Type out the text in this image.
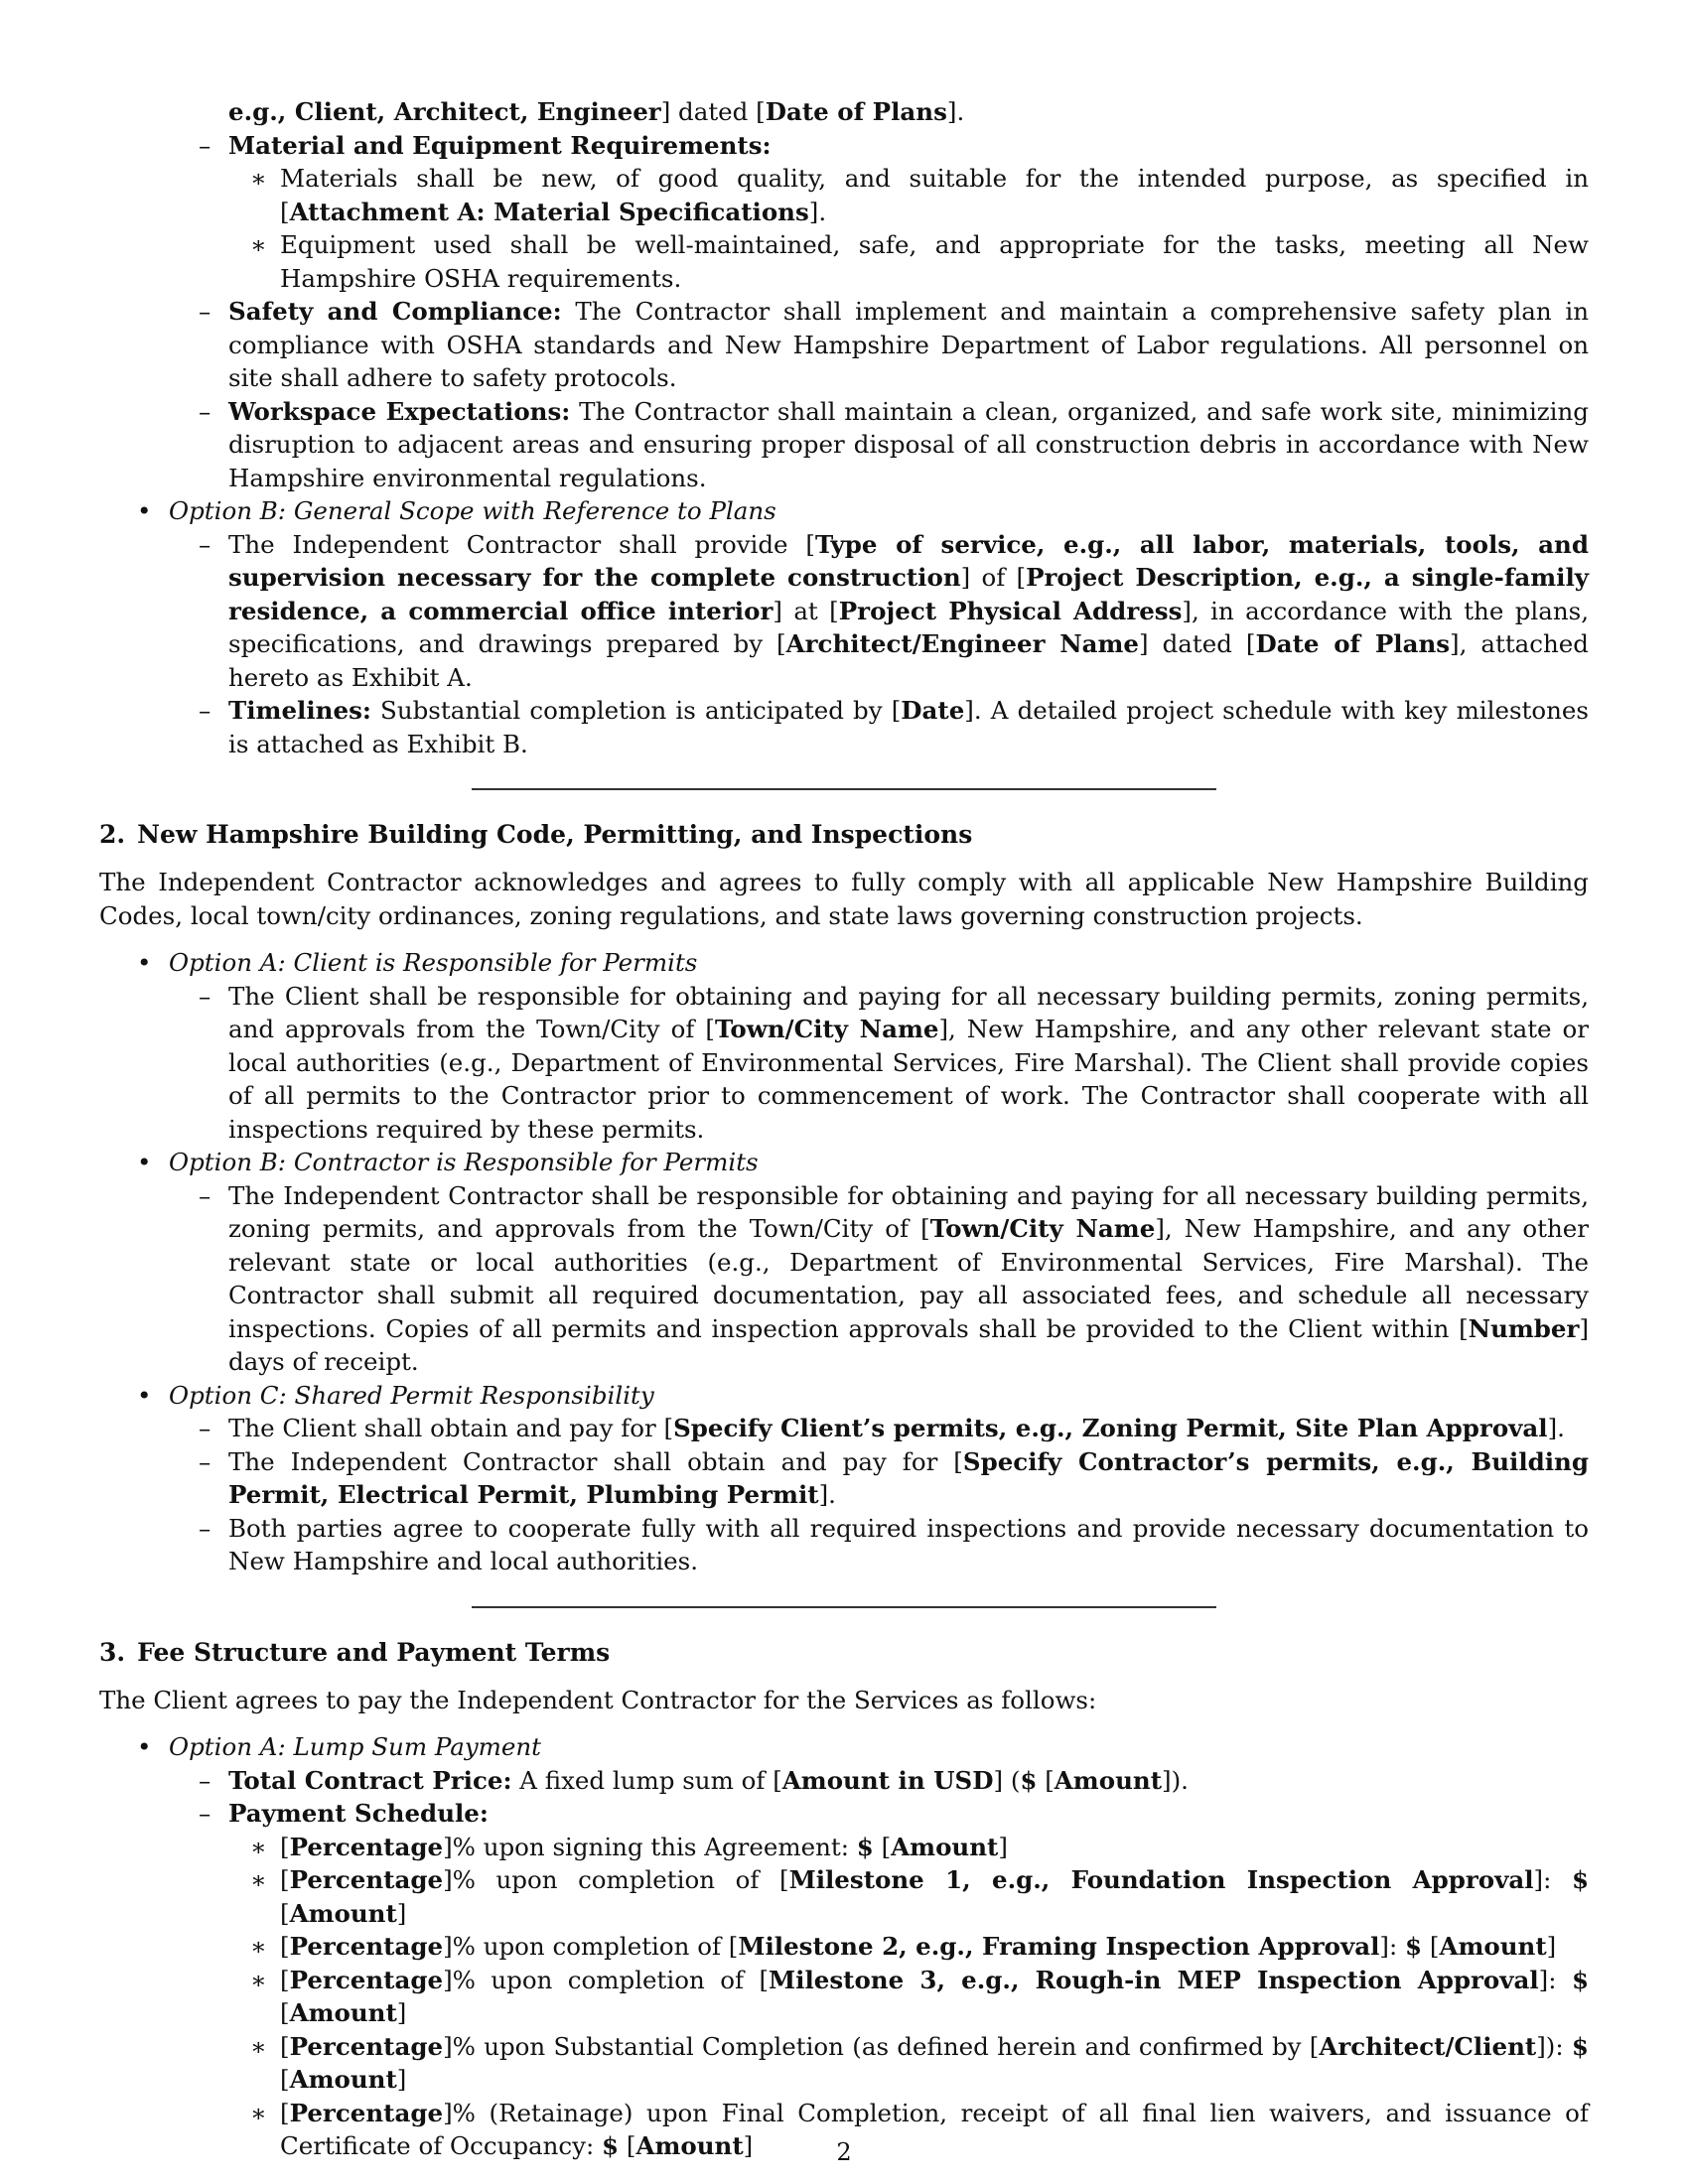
e.g., Client, Architect, Engineer] dated [Date of Plans].

– Material and Equipment Requirements:
∗ Materials shall be new, of good quality, and suitable for the intended purpose, as specified in [Attachment A: Material Specifications].
∗ Equipment used shall be well-maintained, safe, and appropriate for the tasks, meeting all New Hampshire OSHA requirements.
– Safety and Compliance: The Contractor shall implement and maintain a comprehensive safety plan in compliance with OSHA standards and New Hampshire Department of Labor regulations. All personnel on site shall adhere to safety protocols.
– Workspace Expectations: The Contractor shall maintain a clean, organized, and safe work site, minimizing disruption to adjacent areas and ensuring proper disposal of all construction debris in accordance with New Hampshire environmental regulations.
• Option B: General Scope with Reference to Plans
– The Independent Contractor shall provide [Type of service, e.g., all labor, materials, tools, and supervision necessary for the complete construction] of [Project Description, e.g., a single-family residence, a commercial office interior] at [Project Physical Address], in accordance with the plans, specifications, and drawings prepared by [Architect/Engineer Name] dated [Date of Plans], attached hereto as Exhibit A.
– Timelines: Substantial completion is anticipated by [Date]. A detailed project schedule with key milestones is attached as Exhibit B.
2. New Hampshire Building Code, Permitting, and Inspections

The Independent Contractor acknowledges and agrees to fully comply with all applicable New Hampshire Building Codes, local town/city ordinances, zoning regulations, and state laws governing construction projects.

• Option A: Client is Responsible for Permits
– The Client shall be responsible for obtaining and paying for all necessary building permits, zoning permits, and approvals from the Town/City of [Town/City Name], New Hampshire, and any other relevant state or local authorities (e.g., Department of Environmental Services, Fire Marshal). The Client shall provide copies of all permits to the Contractor prior to commencement of work. The Contractor shall cooperate with all inspections required by these permits.
• Option B: Contractor is Responsible for Permits
– The Independent Contractor shall be responsible for obtaining and paying for all necessary building permits, zoning permits, and approvals from the Town/City of [Town/City Name], New Hampshire, and any other relevant state or local authorities (e.g., Department of Environmental Services, Fire Marshal). The Contractor shall submit all required documentation, pay all associated fees, and schedule all necessary inspections. Copies of all permits and inspection approvals shall be provided to the Client within [Number] days of receipt.
• Option C: Shared Permit Responsibility
– The Client shall obtain and pay for [Specify Client’s permits, e.g., Zoning Permit, Site Plan Approval].
– The Independent Contractor shall obtain and pay for [Specify Contractor’s permits, e.g., Building Permit, Electrical Permit, Plumbing Permit].
– Both parties agree to cooperate fully with all required inspections and provide necessary documentation to New Hampshire and local authorities.
3. Fee Structure and Payment Terms

The Client agrees to pay the Independent Contractor for the Services as follows:

• Option A: Lump Sum Payment
– Total Contract Price: A fixed lump sum of [Amount in USD] ($ [Amount]).
– Payment Schedule:
∗ [Percentage]% upon signing this Agreement: $ [Amount]
∗ [Percentage]% upon completion of [Milestone 1, e.g., Foundation Inspection Approval]: $ [Amount]
∗ [Percentage]% upon completion of [Milestone 2, e.g., Framing Inspection Approval]: $ [Amount]
∗ [Percentage]% upon completion of [Milestone 3, e.g., Rough-in MEP Inspection Approval]: $ [Amount]
∗ [Percentage]% upon Substantial Completion (as defined herein and confirmed by [Architect/Client]): $ [Amount]
∗ [Percentage]% (Retainage) upon Final Completion, receipt of all final lien waivers, and issuance of Certificate of Occupancy: $ [Amount]	2
